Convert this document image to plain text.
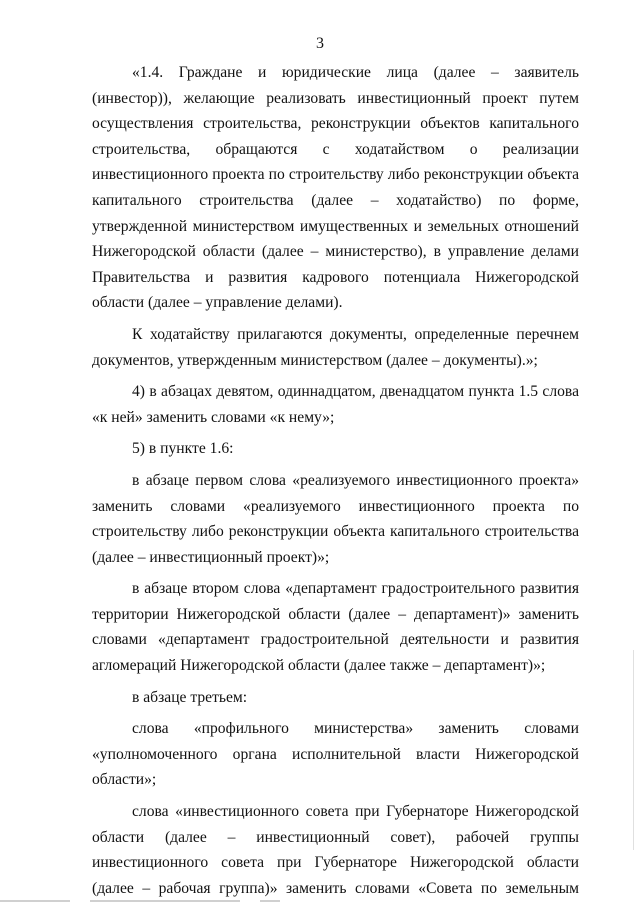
3

«1.4. Граждане и юридические лица (далее – заявитель (инвестор)), желающие реализовать инвестиционный проект путем осуществления строительства, реконструкции объектов капитального строительства, обращаются с ходатайством о реализации инвестиционного проекта по строительству либо реконструкции объекта капитального строительства (далее – ходатайство) по форме, утвержденной министерством имущественных и земельных отношений Нижегородской области (далее – министерство), в управление делами Правительства и развития кадрового потенциала Нижегородской области (далее – управление делами).

К ходатайству прилагаются документы, определенные перечнем документов, утвержденным министерством (далее – документы).»;

4) в абзацах девятом, одиннадцатом, двенадцатом пункта 1.5 слова «к ней» заменить словами «к нему»;

5) в пункте 1.6:

в абзаце первом слова «реализуемого инвестиционного проекта» заменить словами «реализуемого инвестиционного проекта по строительству либо реконструкции объекта капитального строительства (далее – инвестиционный проект)»;

в абзаце втором слова «департамент градостроительного развития территории Нижегородской области (далее – департамент)» заменить словами «департамент градостроительной деятельности и развития агломераций Нижегородской области (далее также – департамент)»;

в абзаце третьем:

слова «профильного министерства» заменить словами «уполномоченного органа исполнительной власти Нижегородской области»;

слова «инвестиционного совета при Губернаторе Нижегородской области (далее – инвестиционный совет), рабочей группы инвестиционного совета при Губернаторе Нижегородской области (далее – рабочая группа)» заменить словами «Совета по земельным
